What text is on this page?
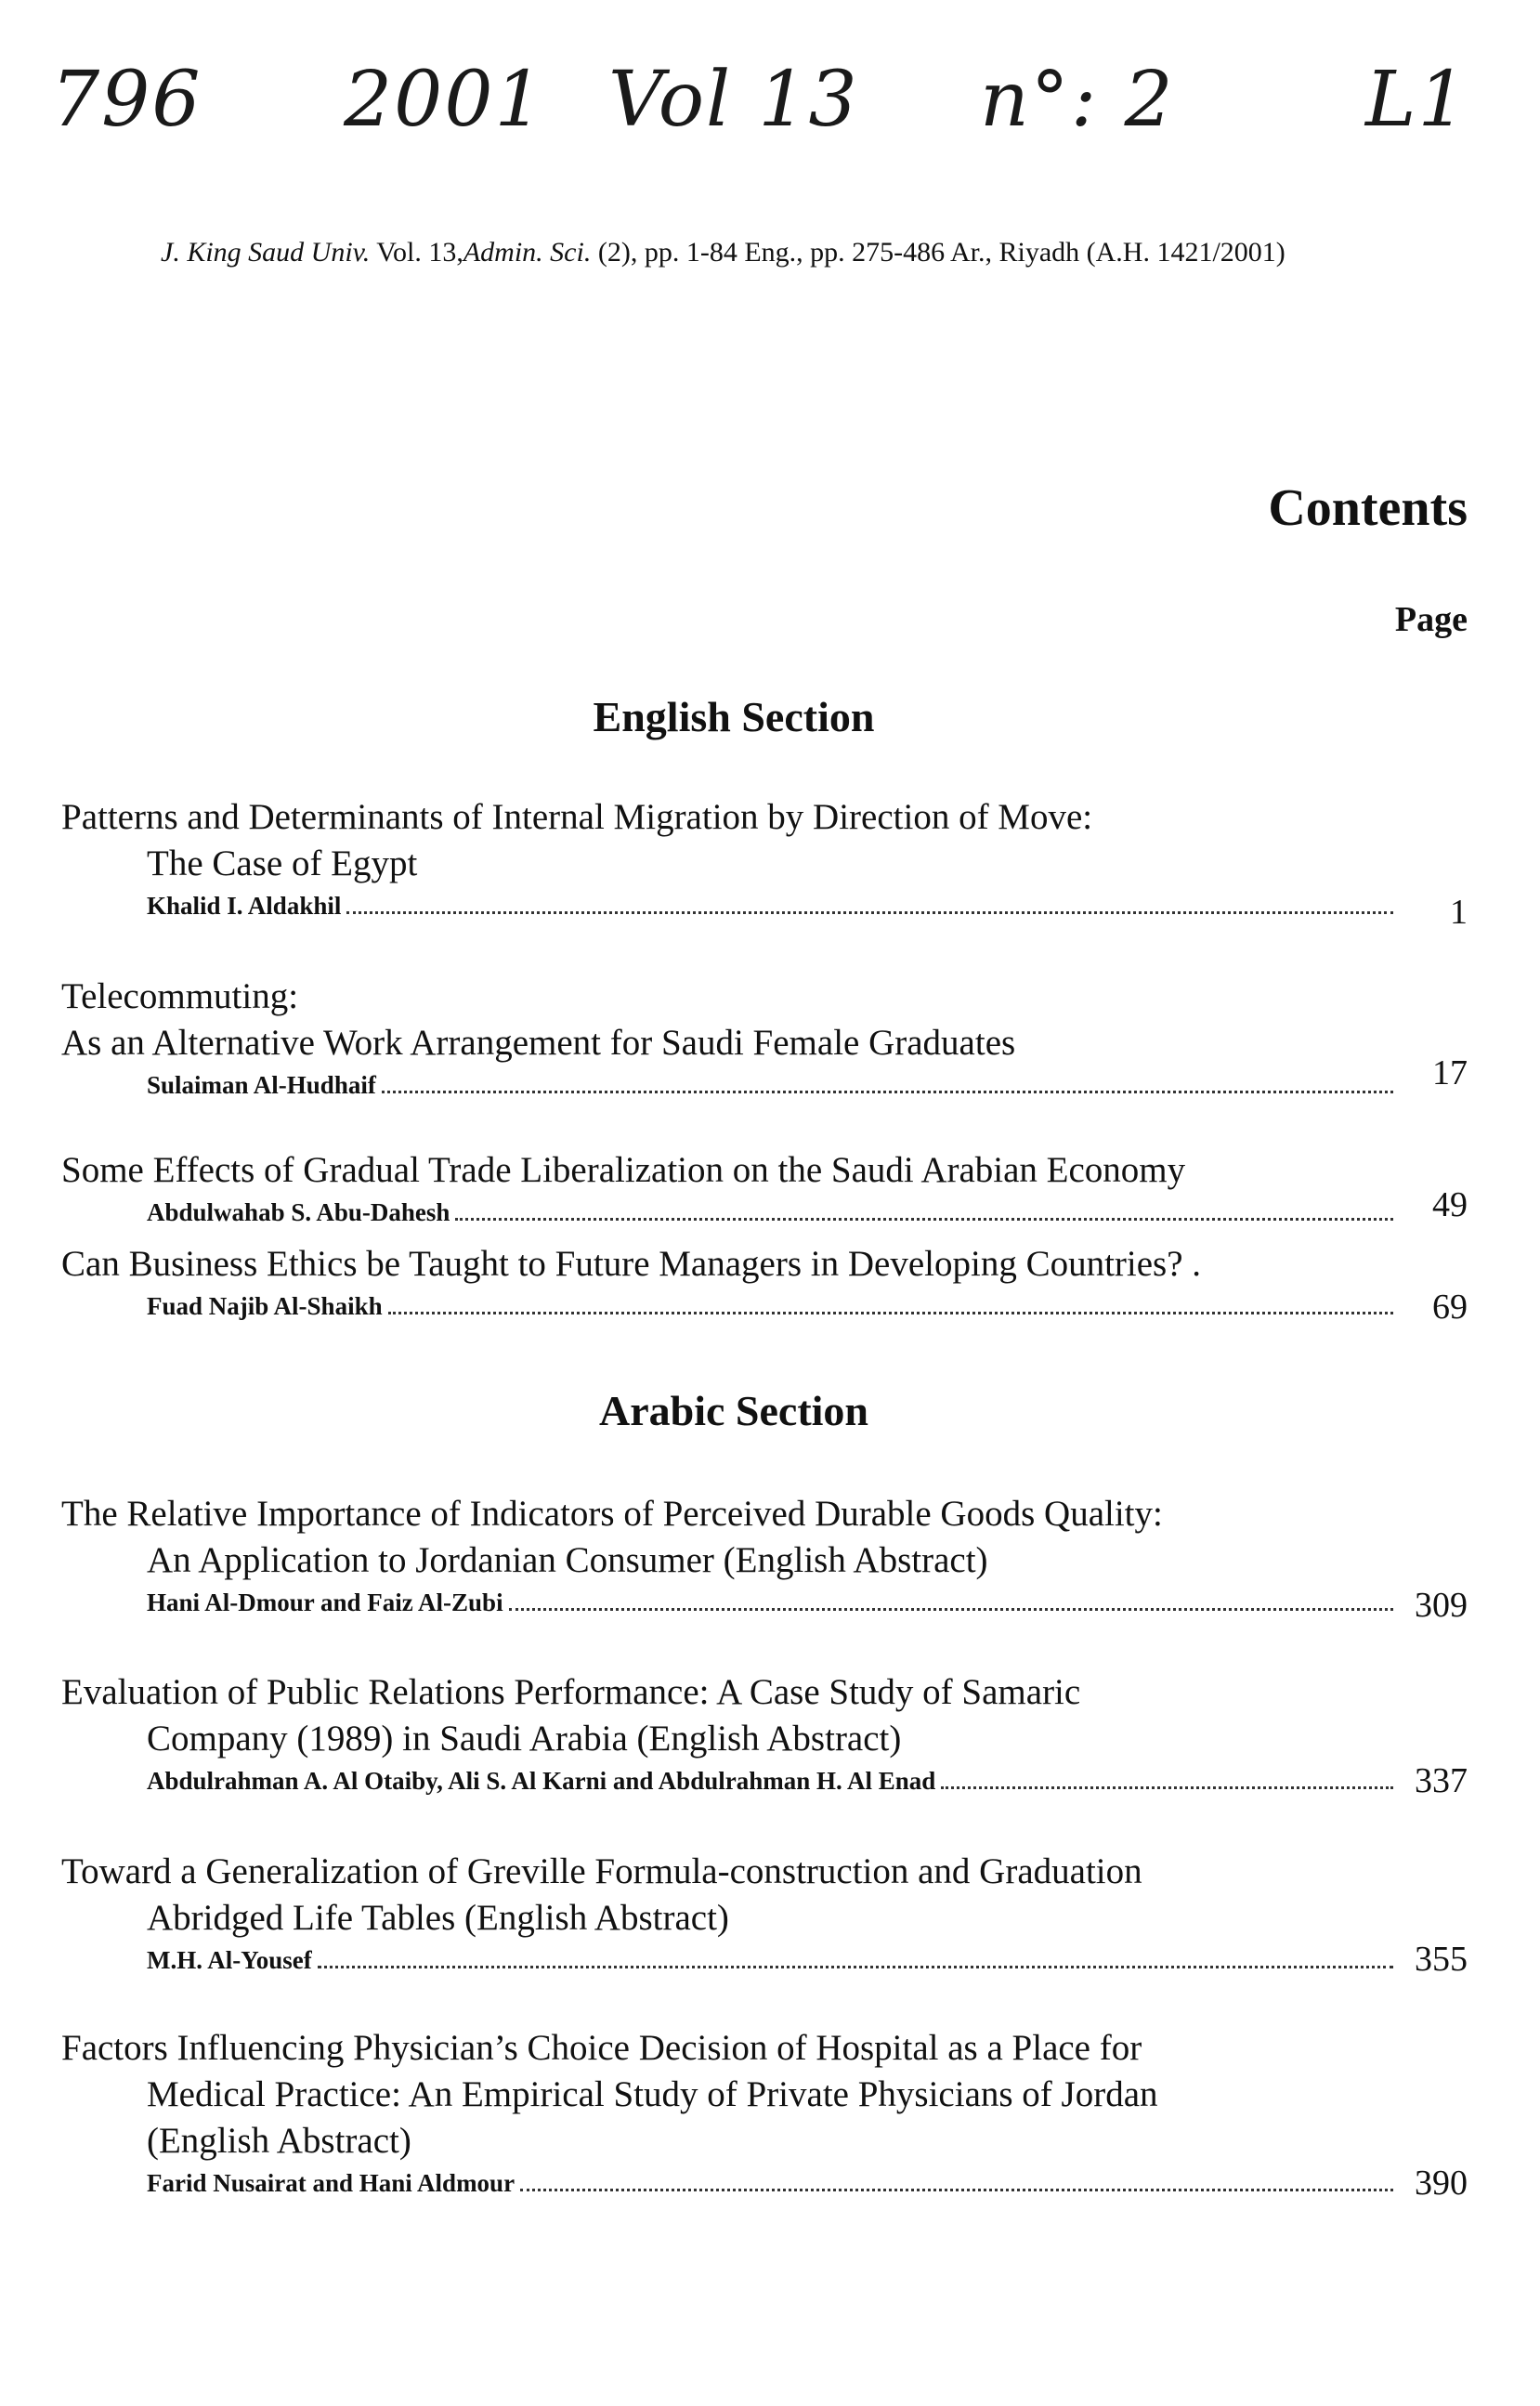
796 2001 Vol 13 n°: 2	L1
J. King Saud Univ. Vol. 13,Admin. Sci. (2), pp. 1-84 Eng., pp. 275-486 Ar., Riyadh (A.H. 1421/2001)
Contents
Page
English Section
Patterns and Determinants of Internal Migration by Direction of Move:
The Case of Egypt
Khalid I. Aldakhil	1
Telecommuting:
As an Alternative Work Arrangement for Saudi Female Graduates
Sulaiman Al-Hudhaif	17
Some Effects of Gradual Trade Liberalization on the Saudi Arabian Economy
Abdulwahab S. Abu-Dahesh	49
Can Business Ethics be Taught to Future Managers in Developing Countries? .
Fuad Najib Al-Shaikh	69
Arabic Section
The Relative Importance of Indicators of Perceived Durable Goods Quality:
An Application to Jordanian Consumer (English Abstract)
Hani Al-Dmour and Faiz Al-Zubi	309
Evaluation of Public Relations Performance: A Case Study of Samaric
Company (1989) in Saudi Arabia (English Abstract)
Abdulrahman A. Al Otaiby, Ali S. Al Karni and Abdulrahman H. Al Enad	337
Toward a Generalization of Greville Formula-construction and Graduation
Abridged Life Tables (English Abstract)
M.H. Al-Yousef	355
Factors Influencing Physician’s Choice Decision of Hospital as a Place for
Medical Practice: An Empirical Study of Private Physicians of Jordan
(English Abstract)
Farid Nusairat and Hani Aldmour	390
